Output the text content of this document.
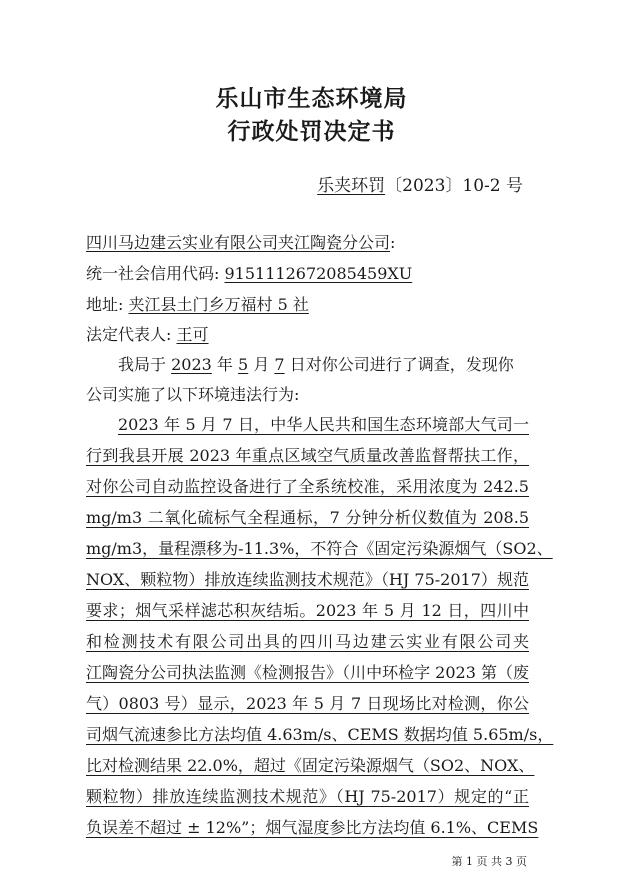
乐山市生态环境局
行政处罚决定书

乐夹环罚〔2023〕10-2 号

四川马边建云实业有限公司夹江陶瓷分公司:

统一社会信用代码: 9151112672085459XU

地址: 夹江县土门乡万福村 5 社

法定代表人: 王可

我局于 2023 年 5 月 7 日对你公司进行了调查，发现你

公司实施了以下环境违法行为:

2023 年 5 月 7 日，中华人民共和国生态环境部大气司一

行到我县开展 2023 年重点区域空气质量改善监督帮扶工作，

对你公司自动监控设备进行了全系统校准，采用浓度为 242.5

mg/m3 二氧化硫标气全程通标，7 分钟分析仪数值为 208.5

mg/m3，量程漂移为-11.3%，不符合《固定污染源烟气（SO2、

NOX、颗粒物）排放连续监测技术规范》（HJ 75-2017）规范

要求；烟气采样滤芯积灰结垢。2023 年 5 月 12 日，四川中

和检测技术有限公司出具的四川马边建云实业有限公司夹

江陶瓷分公司执法监测《检测报告》（川中环检字 2023 第（废

气）0803 号）显示，2023 年 5 月 7 日现场比对检测，你公

司烟气流速参比方法均值 4.63m/s、CEMS 数据均值 5.65m/s，

比对检测结果 22.0%，超过《固定污染源烟气（SO2、NOX、

颗粒物）排放连续监测技术规范》（HJ 75-2017）规定的“正

负误差不超过 ± 12%”；烟气湿度参比方法均值 6.1%、CEMS

第 1 页 共 3 页
